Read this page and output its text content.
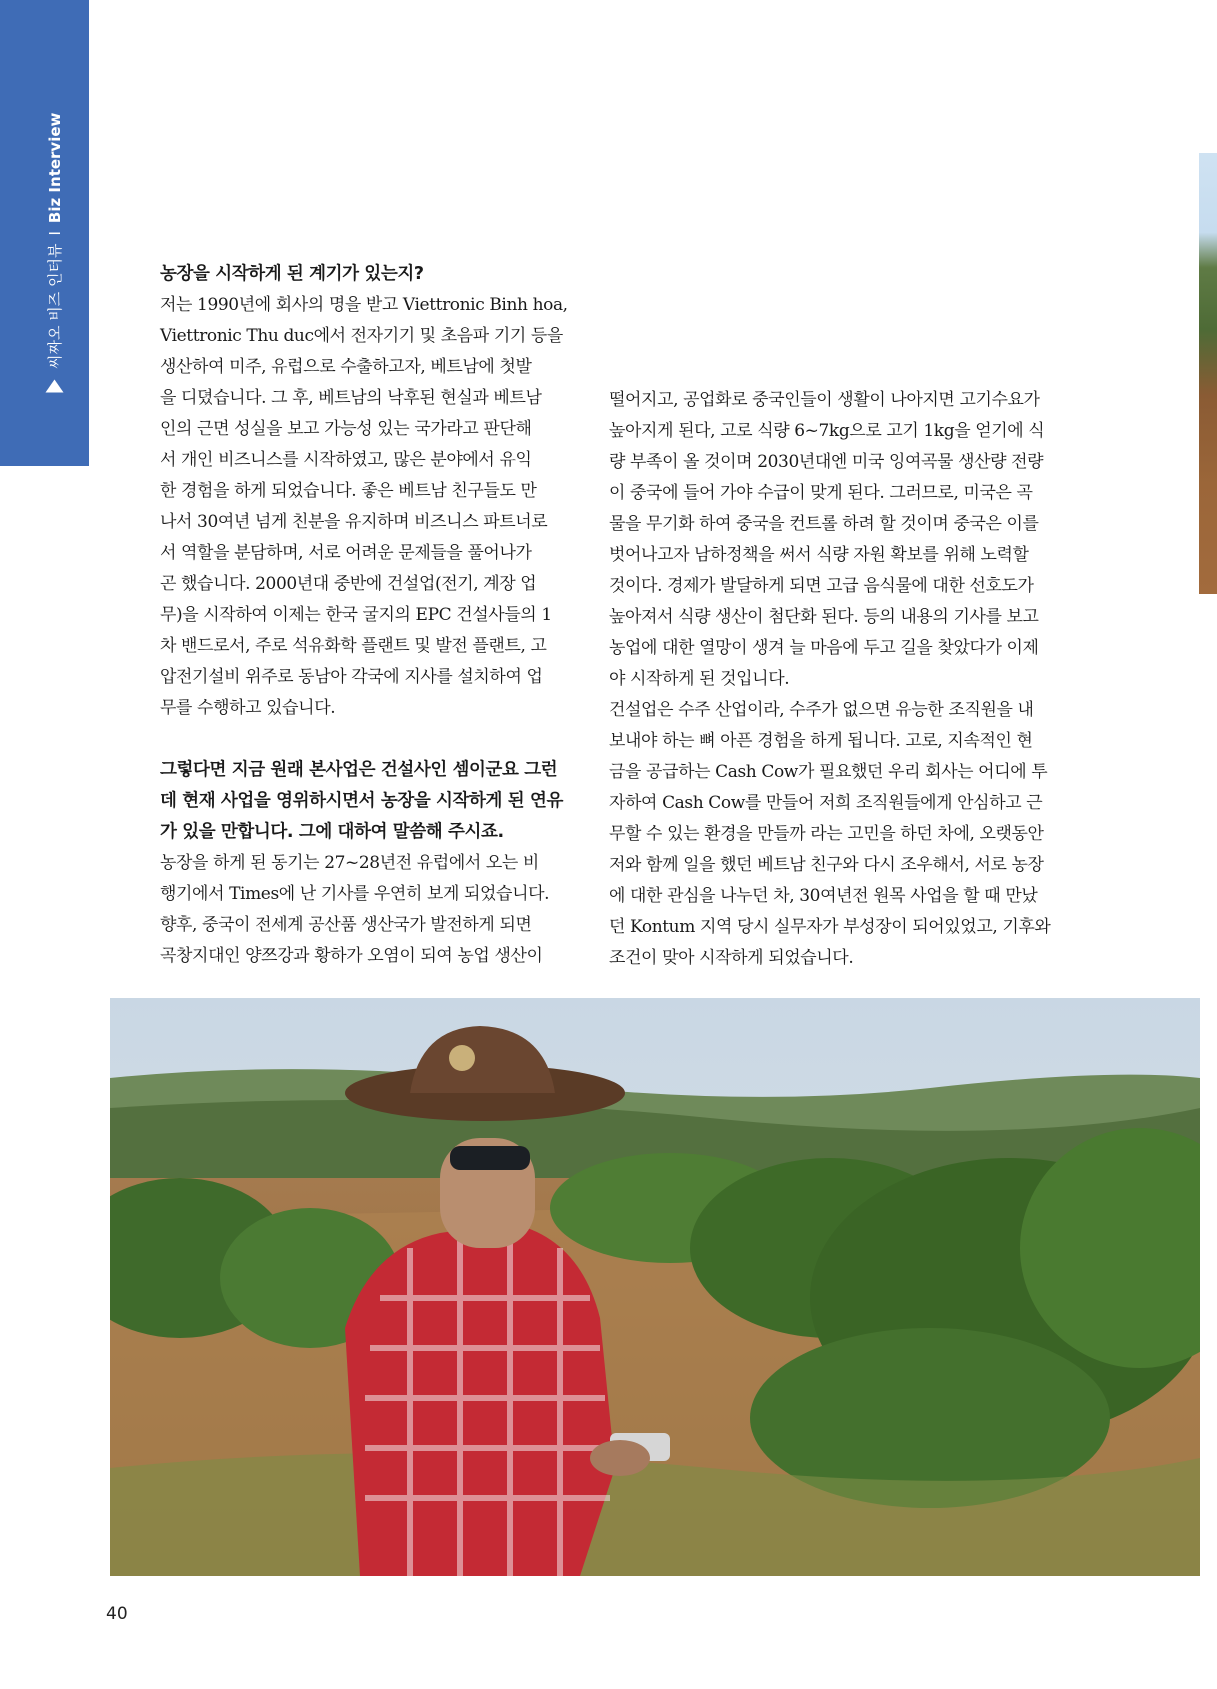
씨짜오 비즈 인터뷰
I
Biz Interview

농장을 시작하게 된 계기가 있는지?

저는 1990년에 회사의 명을 받고 Viettronic Binh hoa,

Viettronic Thu duc에서 전자기기 및 초음파 기기 등을

생산하여 미주, 유럽으로 수출하고자, 베트남에 첫발

을 디뎠습니다. 그 후, 베트남의 낙후된 현실과 베트남

인의 근면 성실을 보고 가능성 있는 국가라고 판단해

서 개인 비즈니스를 시작하였고, 많은 분야에서 유익

한 경험을 하게 되었습니다. 좋은 베트남 친구들도 만

나서 30여년 넘게 친분을 유지하며 비즈니스 파트너로

서 역할을 분담하며, 서로 어려운 문제들을 풀어나가

곤 했습니다. 2000년대 중반에 건설업(전기, 계장 업

무)을 시작하여 이제는 한국 굴지의 EPC 건설사들의 1

차 밴드로서, 주로 석유화학 플랜트 및 발전 플랜트, 고

압전기설비 위주로 동남아 각국에 지사를 설치하여 업

무를 수행하고 있습니다.

그렇다면 지금 원래 본사업은 건설사인 셈이군요 그런

데 현재 사업을 영위하시면서 농장을 시작하게 된 연유

가 있을 만합니다. 그에 대하여 말씀해 주시죠.

농장을 하게 된 동기는 27~28년전 유럽에서 오는 비

행기에서 Times에 난 기사를 우연히 보게 되었습니다.

향후, 중국이 전세계 공산품 생산국가 발전하게 되면

곡창지대인 양쯔강과 황하가 오염이 되여 농업 생산이

떨어지고, 공업화로 중국인들이 생활이 나아지면 고기수요가

높아지게 된다, 고로 식량 6~7kg으로 고기 1kg을 얻기에 식

량 부족이 올 것이며 2030년대엔 미국 잉여곡물 생산량 전량

이 중국에 들어 가야 수급이 맞게 된다. 그러므로, 미국은 곡

물을 무기화 하여 중국을 컨트롤 하려 할 것이며 중국은 이를

벗어나고자 남하정책을 써서 식량 자원 확보를 위해 노력할

것이다. 경제가 발달하게 되면 고급 음식물에 대한 선호도가

높아져서 식량 생산이 첨단화 된다. 등의 내용의 기사를 보고

농업에 대한 열망이 생겨 늘 마음에 두고 길을 찾았다가 이제

야 시작하게 된 것입니다.

건설업은 수주 산업이라, 수주가 없으면 유능한 조직원을 내

보내야 하는 뼈 아픈 경험을 하게 됩니다. 고로, 지속적인 현

금을 공급하는 Cash Cow가 필요했던 우리 회사는 어디에 투

자하여 Cash Cow를 만들어 저희 조직원들에게 안심하고 근

무할 수 있는 환경을 만들까 라는 고민을 하던 차에, 오랫동안

저와 함께 일을 했던 베트남 친구와 다시 조우해서, 서로 농장

에 대한 관심을 나누던 차, 30여년전 원목 사업을 할 때 만났

던 Kontum 지역 당시 실무자가 부성장이 되어있었고, 기후와

조건이 맞아 시작하게 되었습니다.

40
